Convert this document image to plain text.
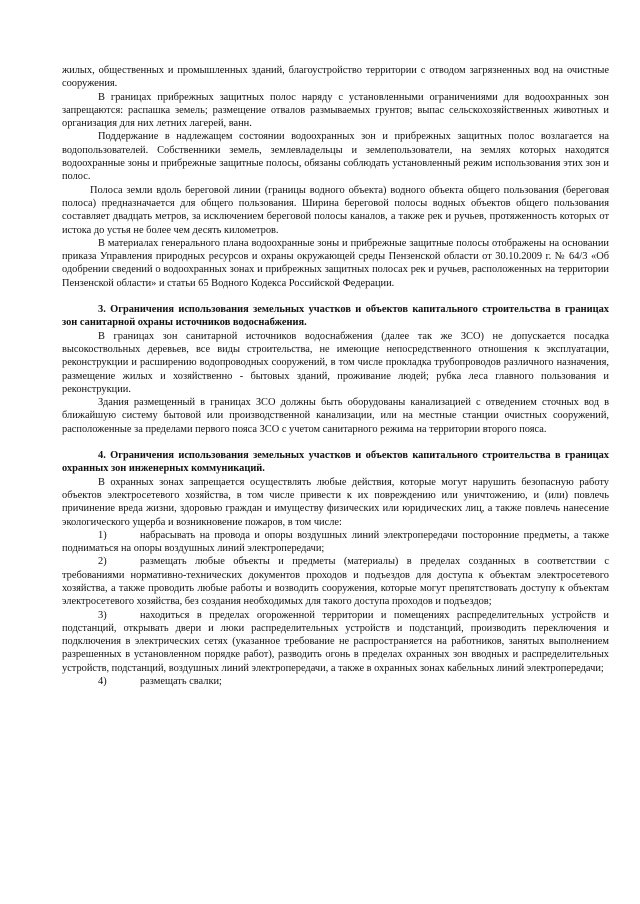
жилых, общественных и промышленных зданий, благоустройство территории с отводом загрязненных вод на очистные сооружения.

В границах прибрежных защитных полос наряду с установленными ограничениями для водоохранных зон запрещаются: распашка земель; размещение отвалов размываемых грунтов; выпас сельскохозяйственных животных и организация для них летних лагерей, ванн.

Поддержание в надлежащем состоянии водоохранных зон и прибрежных защитных полос возлагается на водопользователей. Собственники земель, землевладельцы и землепользователи, на землях которых находятся водоохранные зоны и прибрежные защитные полосы, обязаны соблюдать установленный режим использования этих зон и полос.

Полоса земли вдоль береговой линии (границы водного объекта) водного объекта общего пользования (береговая полоса) предназначается для общего пользования. Ширина береговой полосы водных объектов общего пользования составляет двадцать метров, за исключением береговой полосы каналов, а также рек и ручьев, протяженность которых от истока до устья не более чем десять километров.

В материалах генерального плана водоохранные зоны и прибрежные защитные полосы отображены на основании приказа Управления природных ресурсов и охраны окружающей среды Пензенской области от 30.10.2009 г. № 64/3 «Об одобрении сведений о водоохранных зонах и прибрежных защитных полосах рек и ручьев, расположенных на территории Пензенской области» и статьи 65 Водного Кодекса Российской Федерации.

3. Ограничения использования земельных участков и объектов капитального строительства в границах зон санитарной охраны источников водоснабжения.

В границах зон санитарной источников водоснабжения (далее так же ЗСО) не допускается посадка высокоствольных деревьев, все виды строительства, не имеющие непосредственного отношения к эксплуатации, реконструкции и расширению водопроводных сооружений, в том числе прокладка трубопроводов различного назначения, размещение жилых и хозяйственно - бытовых зданий, проживание людей; рубка леса главного пользования и реконструкции.

Здания размещенный в границах ЗСО должны быть оборудованы канализацией с отведением сточных вод в ближайшую систему бытовой или производственной канализации, или на местные станции очистных сооружений, расположенные за пределами первого пояса ЗСО с учетом санитарного режима на территории второго пояса.

4. Ограничения использования земельных участков и объектов капитального строительства в границах охранных зон инженерных коммуникаций.

В охранных зонах запрещается осуществлять любые действия, которые могут нарушить безопасную работу объектов электросетевого хозяйства, в том числе привести к их повреждению или уничтожению, и (или) повлечь причинение вреда жизни, здоровью граждан и имуществу физических или юридических лиц, а также повлечь нанесение экологического ущерба и возникновение пожаров, в том числе:

1)	набрасывать на провода и опоры воздушных линий электропередачи посторонние предметы, а также подниматься на опоры воздушных линий электропередачи;

2)	размещать любые объекты и предметы (материалы) в пределах созданных в соответствии с требованиями нормативно-технических документов проходов и подъездов для доступа к объектам электросетевого хозяйства, а также проводить любые работы и возводить сооружения, которые могут препятствовать доступу к объектам электросетевого хозяйства, без создания необходимых для такого доступа проходов и подъездов;

3)	находиться в пределах огороженной территории и помещениях распределительных устройств и подстанций, открывать двери и люки распределительных устройств и подстанций, производить переключения и подключения в электрических сетях (указанное требование не распространяется на работников, занятых выполнением разрешенных в установленном порядке работ), разводить огонь в пределах охранных зон вводных и распределительных устройств, подстанций, воздушных линий электропередачи, а также в охранных зонах кабельных линий электропередачи;

4)	размещать свалки;
